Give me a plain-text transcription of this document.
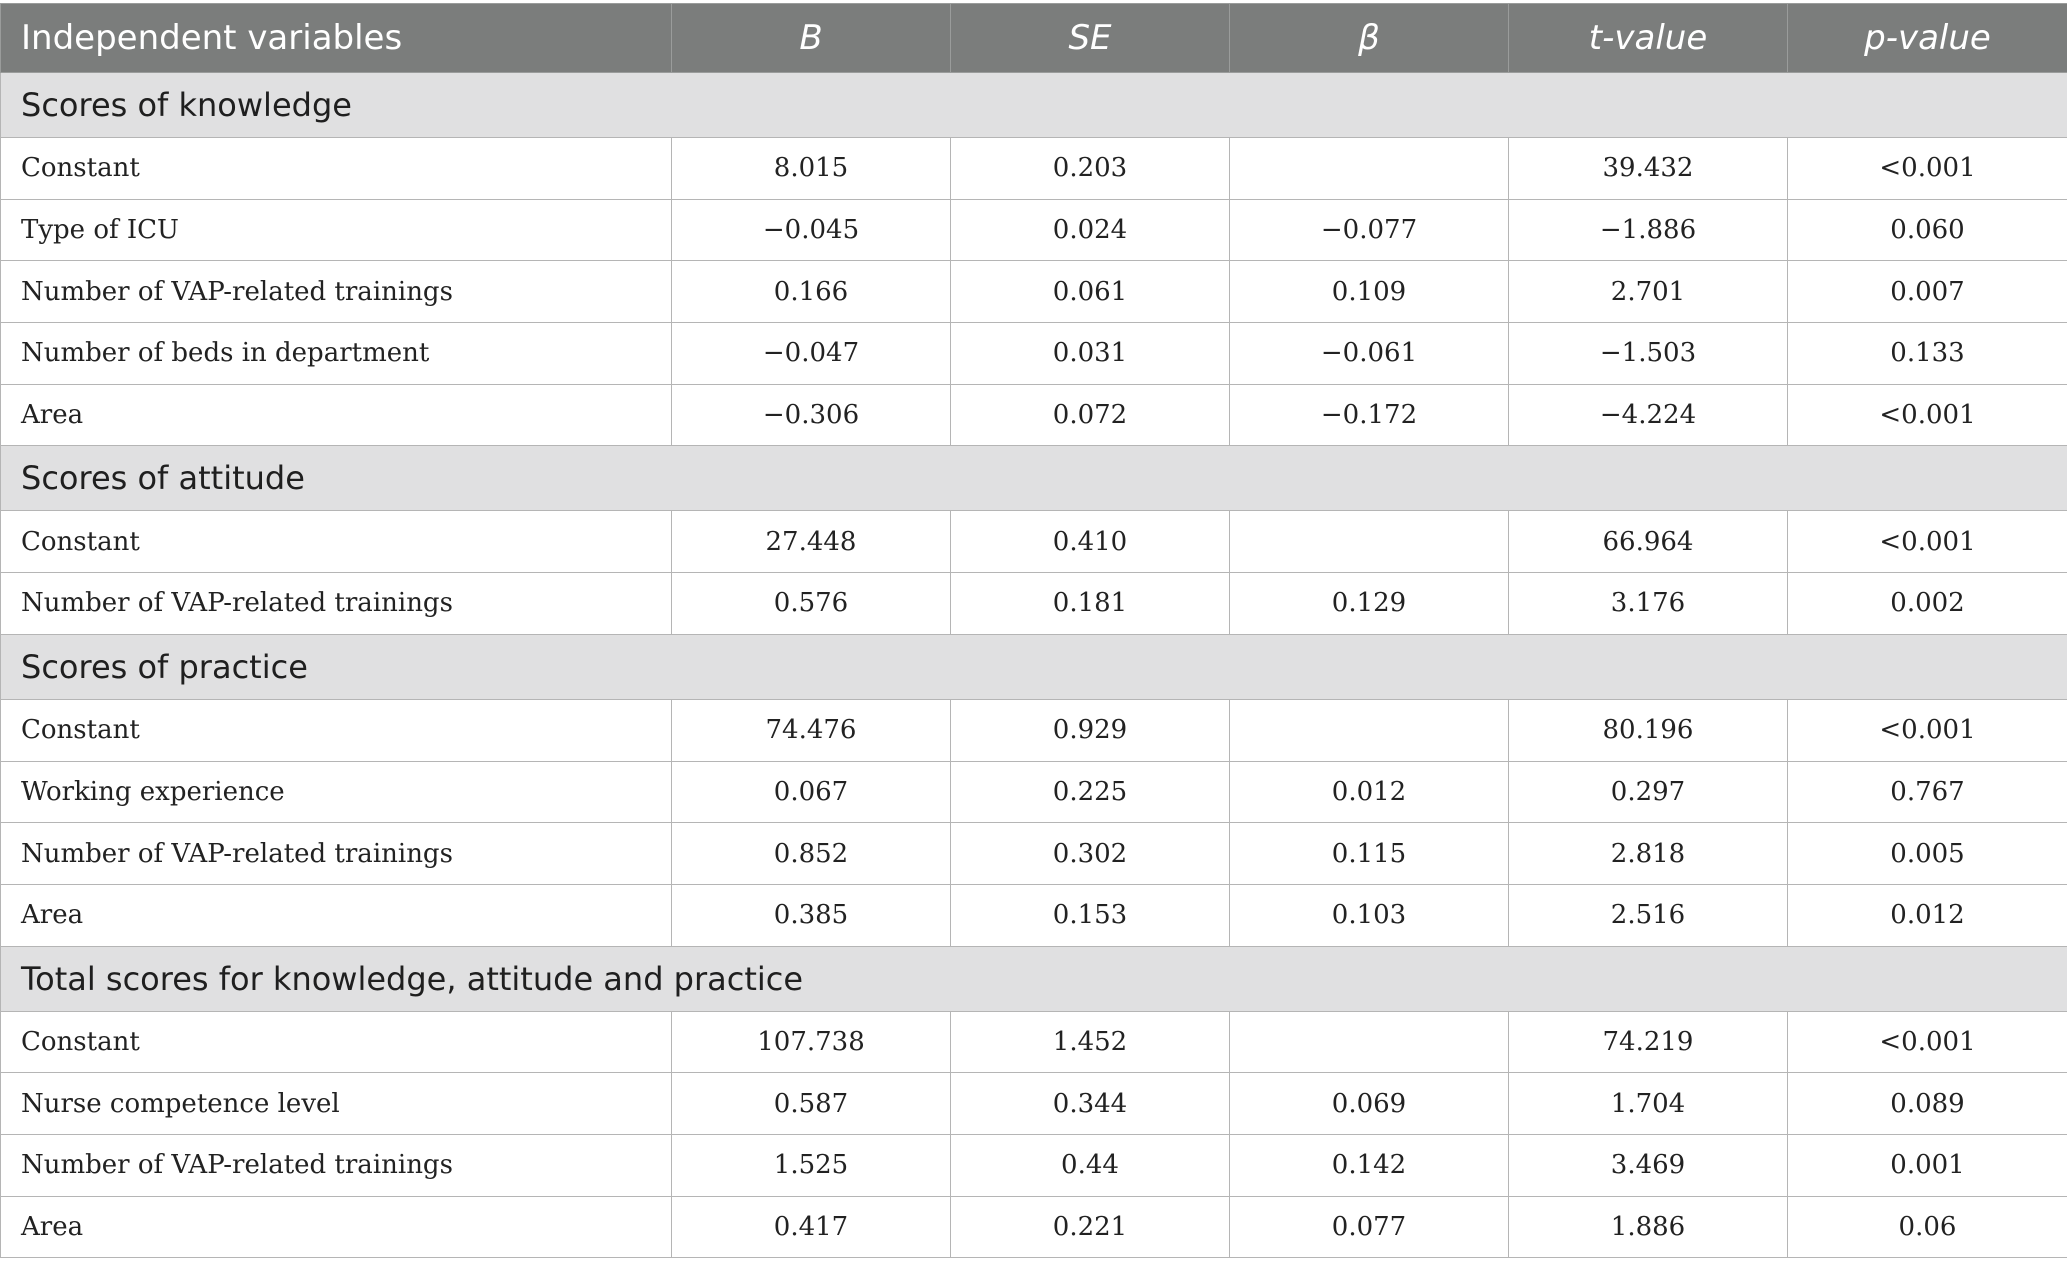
Independent variables	B	SE	β	t-value	p-value
Scores of knowledge					
Constant	8.015	0.203		39.432	<0.001
Type of ICU	−0.045	0.024	−0.077	−1.886	0.060
Number of VAP-related trainings	0.166	0.061	0.109	2.701	0.007
Number of beds in department	−0.047	0.031	−0.061	−1.503	0.133
Area	−0.306	0.072	−0.172	−4.224	<0.001
Scores of attitude					
Constant	27.448	0.410		66.964	<0.001
Number of VAP-related trainings	0.576	0.181	0.129	3.176	0.002
Scores of practice					
Constant	74.476	0.929		80.196	<0.001
Working experience	0.067	0.225	0.012	0.297	0.767
Number of VAP-related trainings	0.852	0.302	0.115	2.818	0.005
Area	0.385	0.153	0.103	2.516	0.012
Total scores for knowledge, attitude and practice					
Constant	107.738	1.452		74.219	<0.001
Nurse competence level	0.587	0.344	0.069	1.704	0.089
Number of VAP-related trainings	1.525	0.44	0.142	3.469	0.001
Area	0.417	0.221	0.077	1.886	0.06
